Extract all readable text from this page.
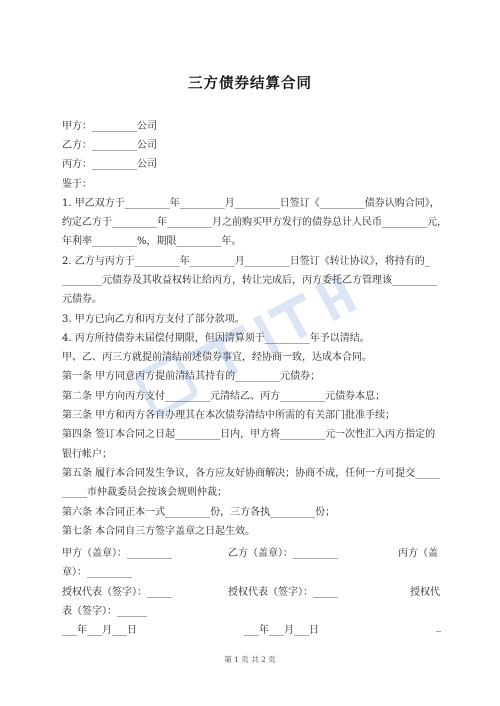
三方债券结算合同
甲方：_________公司
乙方：_________公司
丙方：_________公司
鉴于：
1. 甲乙双方于_________年_________月_________日签订《_________债券认购合同》，
约定乙方于_________年_________月之前购买甲方发行的债券总计人民币_________元，
年利率_________%，期限_________年。
2. 乙方与丙方于_________年_________月_________日签订《转让协议》，将持有的_
________元债券及其收益权转让给丙方，转让完成后，丙方委托乙方管理该_________
元债券。
3. 甲方已向乙方和丙方支付了部分款项。
4. 丙方所持债券未届偿付期限，但因清算须于_________年予以清结。
甲、乙、丙三方就提前清结前述债券事宜，经协商一致，达成本合同。
第一条 甲方同意丙方提前清结其持有的_________元债券；
第二条 甲方向丙方支付_________元清结乙、丙方_________元债券本息；
第三条 甲方和丙方各自办理其在本次债券清结中所需的有关部门批准手续；
第四条 签订本合同之日起_________日内，甲方将_________元一次性汇入丙方指定的
银行帐户；
第五条 履行本合同发生争议，各方应友好协商解决；协商不成，任何一方可提交_____
_____市仲裁委员会按该会规则仲裁；
第六条 本合同正本一式_________份，三方各执_________份；
第七条 本合同自三方签字盖章之日起生效。
甲方（盖章）：_________	乙方（盖章）：_________	丙方（盖
章）：_________
授权代表（签字）：_____	授权代表（签字）：_____	授权代
表（签字）：______
___年___月___日	___年___月___日	_
第 1 页 共 2 页
